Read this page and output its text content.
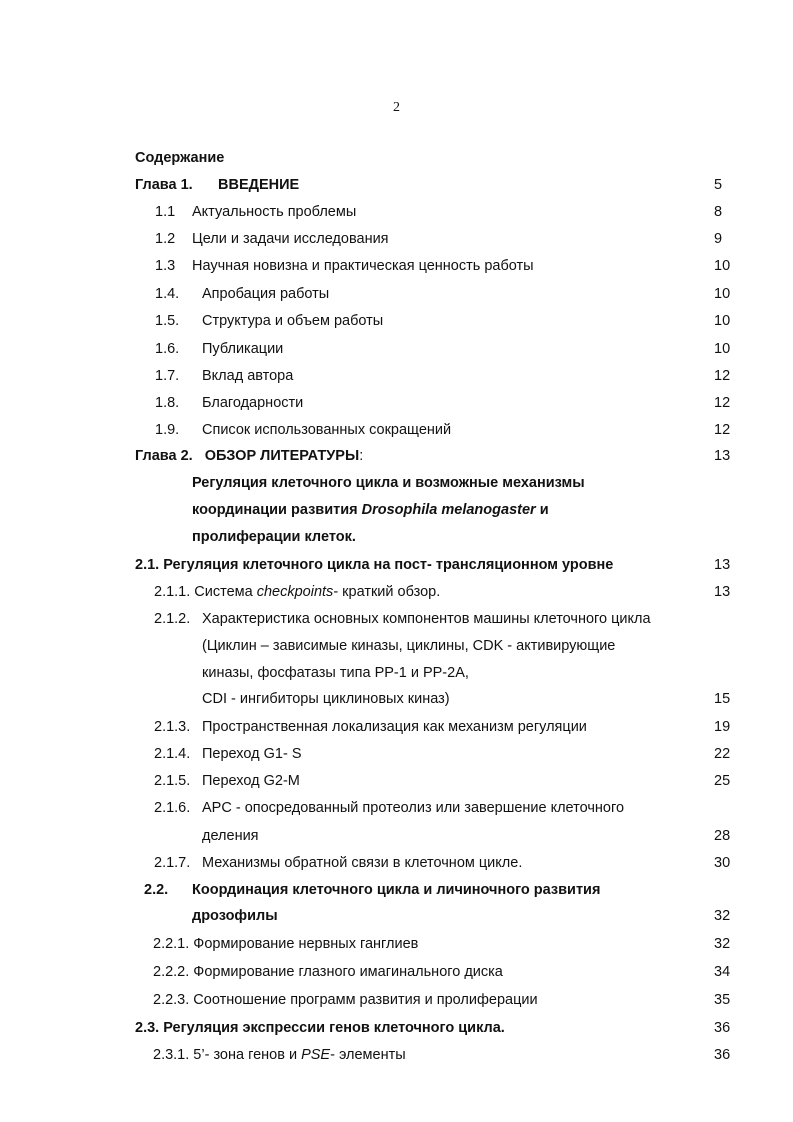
2
Содержание
Глава 1. ВВЕДЕНИЕ	5
1.1 Актуальность проблемы	8
1.2 Цели и задачи исследования	9
1.3 Научная новизна и практическая ценность работы	10
1.4. Апробация работы	10
1.5. Структура и объем работы	10
1.6. Публикации	10
1.7. Вклад автора	12
1.8. Благодарности	12
1.9. Список использованных сокращений	12
Глава 2. ОБЗОР ЛИТЕРАТУРЫ:	13
Регуляция клеточного цикла и возможные механизмы
координации развития Drosophila melanogaster и
пролиферации клеток.
2.1. Регуляция клеточного цикла на пост- трансляционном уровне	13
2.1.1. Система checkpoints- краткий обзор.	13
2.1.2. Характеристика основных компонентов машины клеточного цикла
(Циклин – зависимые киназы, циклины, CDK - активирующие
киназы, фосфатазы типа PP-1 и PP-2A,
CDI - ингибиторы циклиновых киназ)	15
2.1.3. Пространственная локализация как механизм регуляции	19
2.1.4. Переход G1- S	22
2.1.5. Переход G2-M	25
2.1.6. APC - опосредованный протеолиз или завершение клеточного
деления	28
2.1.7. Механизмы обратной связи в клеточном цикле.	30
2.2. Координация клеточного цикла и личиночного развития
дрозофилы	32
2.2.1. Формирование нервных ганглиев	32
2.2.2. Формирование глазного имагинального диска	34
2.2.3. Соотношение программ развития и пролиферации	35
2.3. Регуляция экспрессии генов клеточного цикла.	36
2.3.1. 5’- зона генов и PSE- элементы	36
